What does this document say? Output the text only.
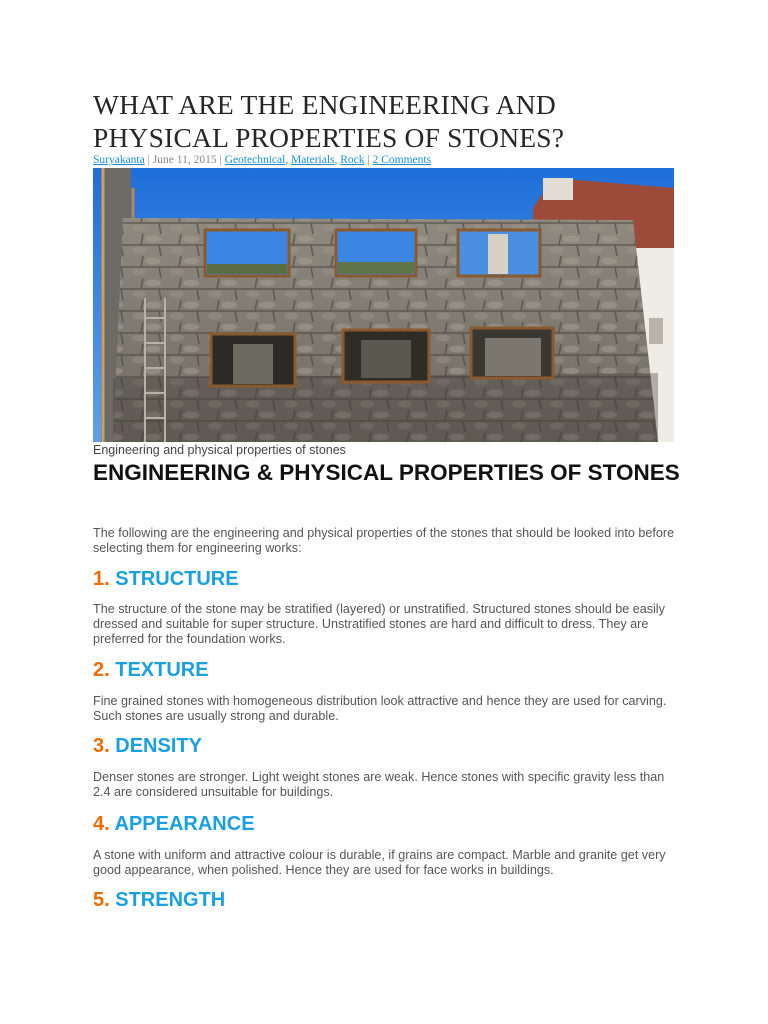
WHAT ARE THE ENGINEERING AND PHYSICAL PROPERTIES OF STONES?
Suryakanta | June 11, 2015 | Geotechnical, Materials, Rock | 2 Comments
Engineering and physical properties of stones
ENGINEERING & PHYSICAL PROPERTIES OF STONES

The following are the engineering and physical properties of the stones that should be looked into before selecting them for engineering works:

1. STRUCTURE

The structure of the stone may be stratified (layered) or unstratified. Structured stones should be easily dressed and suitable for super structure. Unstratified stones are hard and difficult to dress. They are preferred for the foundation works.

2. TEXTURE

Fine grained stones with homogeneous distribution look attractive and hence they are used for carving. Such stones are usually strong and durable.

3. DENSITY

Denser stones are stronger. Light weight stones are weak. Hence stones with specific gravity less than 2.4 are considered unsuitable for buildings.

4. APPEARANCE

A stone with uniform and attractive colour is durable, if grains are compact. Marble and granite get very good appearance, when polished. Hence they are used for face works in buildings.

5. STRENGTH
